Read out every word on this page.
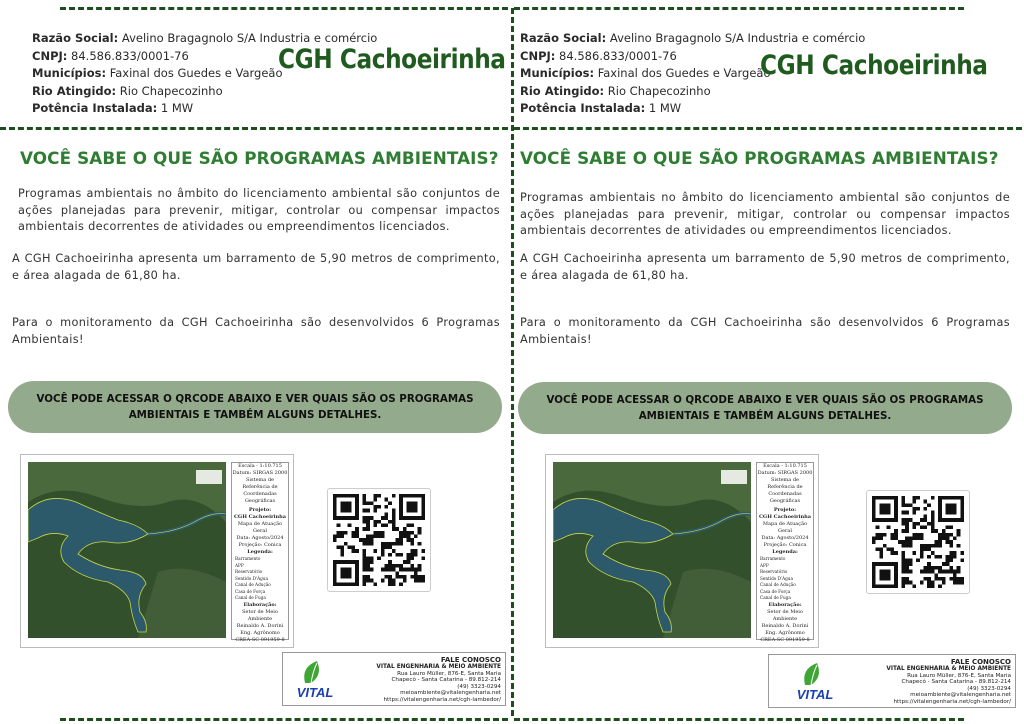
Razão Social: Avelino Bragagnolo S/A Industria e comércio
CNPJ: 84.586.833/0001-76
Municípios: Faxinal dos Guedes e Vargeão
Rio Atingido: Rio Chapecozinho
Potência Instalada: 1 MW
CGH Cachoeirinha
VOCÊ SABE O QUE SÃO PROGRAMAS AMBIENTAIS?
Programas ambientais no âmbito do licenciamento ambiental são conjuntos de ações planejadas para prevenir, mitigar, controlar ou compensar impactos ambientais decorrentes de atividades ou empreendimentos licenciados.
A CGH Cachoeirinha apresenta um barramento de 5,90 metros de comprimento, e área alagada de 61,80 ha.
Para o monitoramento da CGH Cachoeirinha são desenvolvidos 6 Programas Ambientais!
VOCÊ PODE ACESSAR O QRCODE ABAIXO E VER QUAIS SÃO OS PROGRAMAS AMBIENTAIS E TAMBÉM ALGUNS DETALHES.
Escala - 1:10.715
Datum: SIRGAS 2000
Sistema de Referência de Coordenadas Geográficas
Projeto:
CGH Cachoeirinha
Mapa de Atuação Geral
Data: Agosto/2024
Projeção: Conica
Legenda:
Barramento
APP
Reservatório
Sentido D'Água
Canal de Adução
Casa de Força
Canal de Fuga
Elaboração:
Setor de Meio Ambiente
Reinaldo A. Dorini
Eng. Agrônomo
CREA-SC 091959-8
VITAL
FALE CONOSCO
VITAL ENGENHARIA & MEIO AMBIENTE
Rua Lauro Müller, 876-E, Santa Maria
Chapecó - Santa Catarina - 89.812-214
(49) 3323-0294
meioambiente@vitalengenharia.net
https://vitalengenharia.net/cgh-lambedor/
Razão Social: Avelino Bragagnolo S/A Industria e comércio
CNPJ: 84.586.833/0001-76
Municípios: Faxinal dos Guedes e Vargeão
Rio Atingido: Rio Chapecozinho
Potência Instalada: 1 MW
CGH Cachoeirinha
VOCÊ SABE O QUE SÃO PROGRAMAS AMBIENTAIS?
Programas ambientais no âmbito do licenciamento ambiental são conjuntos de ações planejadas para prevenir, mitigar, controlar ou compensar impactos ambientais decorrentes de atividades ou empreendimentos licenciados.
A CGH Cachoeirinha apresenta um barramento de 5,90 metros de comprimento, e área alagada de 61,80 ha.
Para o monitoramento da CGH Cachoeirinha são desenvolvidos 6 Programas Ambientais!
VOCÊ PODE ACESSAR O QRCODE ABAIXO E VER QUAIS SÃO OS PROGRAMAS AMBIENTAIS E TAMBÉM ALGUNS DETALHES.
Escala - 1:10.715
Datum: SIRGAS 2000
Sistema de Referência de Coordenadas Geográficas
Projeto:
CGH Cachoeirinha
Mapa de Atuação Geral
Data: Agosto/2024
Projeção: Conica
Legenda:
Barramento
APP
Reservatório
Sentido D'Água
Canal de Adução
Casa de Força
Canal de Fuga
Elaboração:
Setor de Meio Ambiente
Reinaldo A. Dorini
Eng. Agrônomo
CREA-SC 091959-8
VITAL
FALE CONOSCO
VITAL ENGENHARIA & MEIO AMBIENTE
Rua Lauro Müller, 876-E, Santa Maria
Chapecó - Santa Catarina - 89.812-214
(49) 3323-0294
meioambiente@vitalengenharia.net
https://vitalengenharia.net/cgh-lambedor/
